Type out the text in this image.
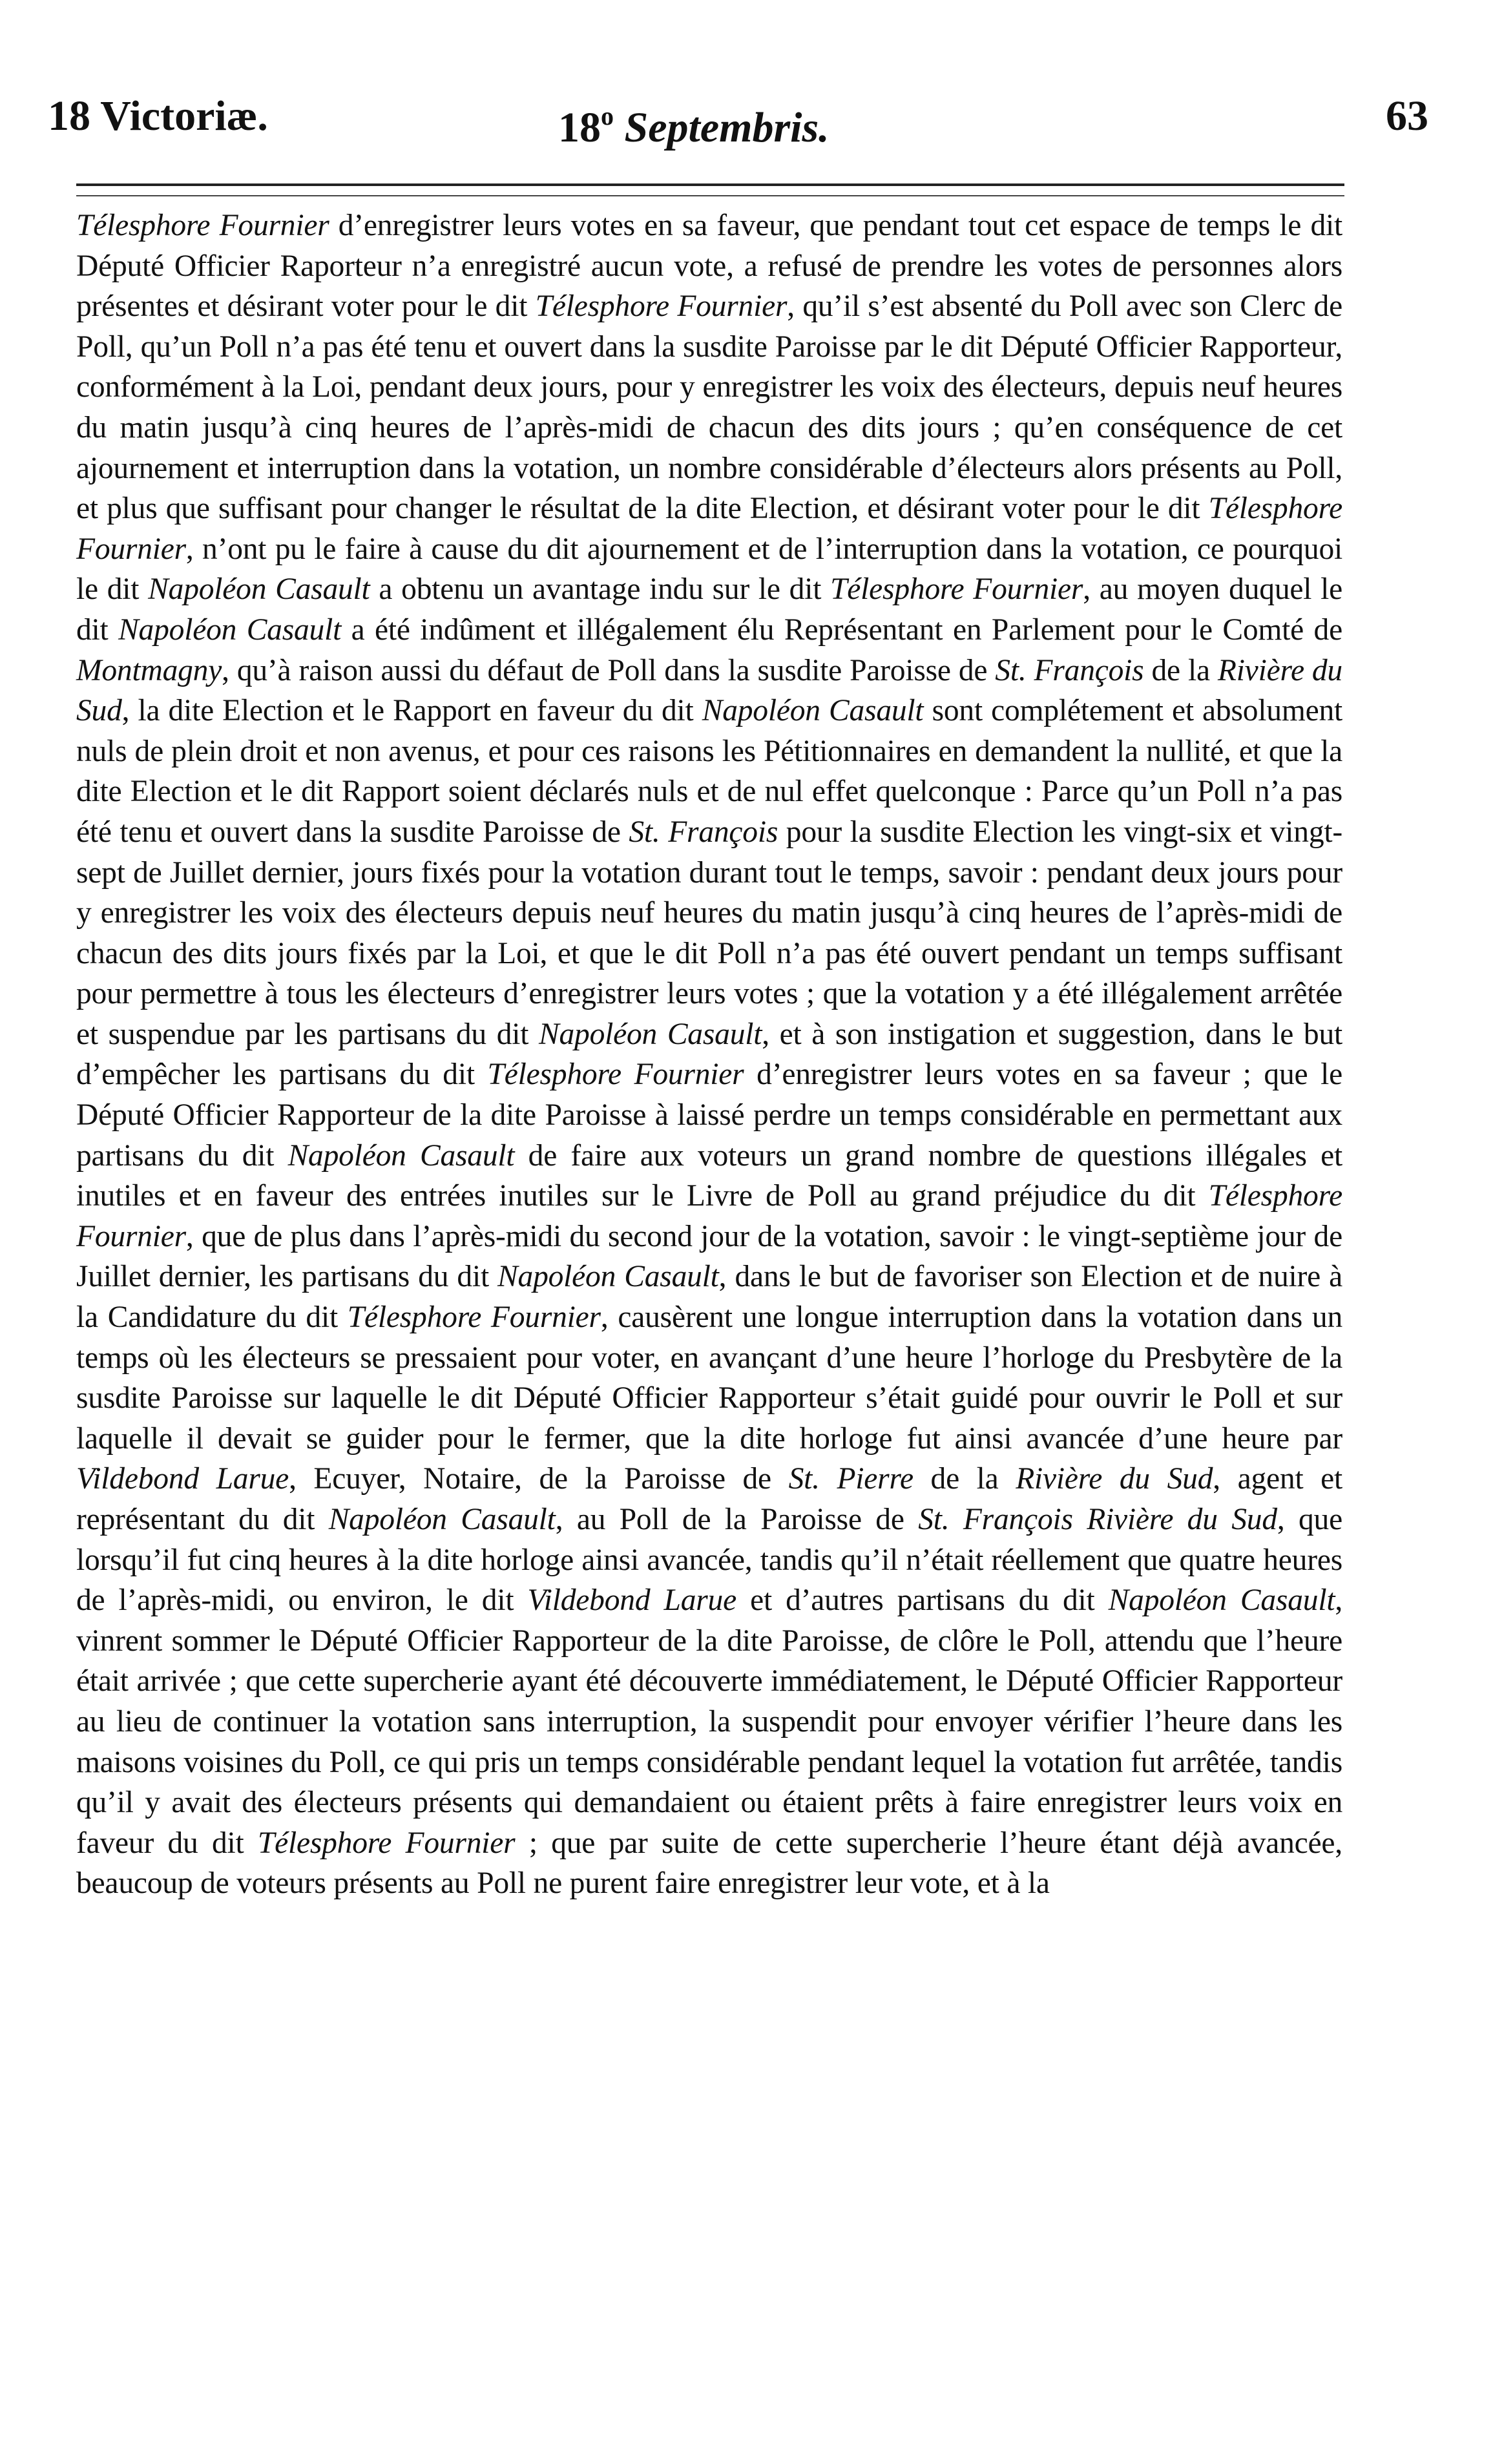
18 Victoriæ.	18$^o$ Septembris.	63
Télesphore Fournier d’enregistrer leurs votes en sa faveur, que pendant tout cet espace de temps le dit Député Officier Raporteur n’a enregistré aucun vote, a refusé de prendre les votes de personnes alors présentes et désirant voter pour le dit Télesphore Fournier, qu’il s’est absenté du Poll avec son Clerc de Poll, qu’un Poll n’a pas été tenu et ouvert dans la susdite Paroisse par le dit Député Officier Rapporteur, conformément à la Loi, pendant deux jours, pour y enregistrer les voix des électeurs, depuis neuf heures du matin jusqu’à cinq heures de l’après-midi de chacun des dits jours ; qu’en conséquence de cet ajournement et interruption dans la votation, un nombre considérable d’électeurs alors présents au Poll, et plus que suffisant pour changer le résultat de la dite Election, et désirant voter pour le dit Télesphore Fournier, n’ont pu le faire à cause du dit ajournement et de l’interruption dans la votation, ce pourquoi le dit Napoléon Casault a obtenu un avantage indu sur le dit Télesphore Fournier, au moyen duquel le dit Napoléon Casault a été indûment et illégalement élu Représentant en Parlement pour le Comté de Montmagny, qu’à raison aussi du défaut de Poll dans la susdite Paroisse de St. François de la Rivière du Sud, la dite Election et le Rapport en faveur du dit Napoléon Casault sont complétement et absolument nuls de plein droit et non avenus, et pour ces raisons les Pétitionnaires en demandent la nullité, et que la dite Election et le dit Rapport soient déclarés nuls et de nul effet quelconque : Parce qu’un Poll n’a pas été tenu et ouvert dans la susdite Paroisse de St. François pour la susdite Election les vingt-six et vingt-sept de Juillet dernier, jours fixés pour la votation durant tout le temps, savoir : pendant deux jours pour y enregistrer les voix des électeurs depuis neuf heures du matin jusqu’à cinq heures de l’après-midi de chacun des dits jours fixés par la Loi, et que le dit Poll n’a pas été ouvert pendant un temps suffisant pour permettre à tous les électeurs d’enregistrer leurs votes ; que la votation y a été illégalement arrêtée et suspendue par les partisans du dit Napoléon Casault, et à son instigation et suggestion, dans le but d’empêcher les partisans du dit Télesphore Fournier d’enregistrer leurs votes en sa faveur ; que le Député Officier Rapporteur de la dite Paroisse à laissé perdre un temps considérable en permettant aux partisans du dit Napoléon Casault de faire aux voteurs un grand nombre de questions illégales et inutiles et en faveur des entrées inutiles sur le Livre de Poll au grand préjudice du dit Télesphore Fournier, que de plus dans l’après-midi du second jour de la votation, savoir : le vingt-septième jour de Juillet dernier, les partisans du dit Napoléon Casault, dans le but de favoriser son Election et de nuire à la Candidature du dit Télesphore Fournier, causèrent une longue interruption dans la votation dans un temps où les électeurs se pressaient pour voter, en avançant d’une heure l’horloge du Presbytère de la susdite Paroisse sur laquelle le dit Député Officier Rapporteur s’était guidé pour ouvrir le Poll et sur laquelle il devait se guider pour le fermer, que la dite horloge fut ainsi avancée d’une heure par Vildebond Larue, Ecuyer, Notaire, de la Paroisse de St. Pierre de la Rivière du Sud, agent et représentant du dit Napoléon Casault, au Poll de la Paroisse de St. François Rivière du Sud, que lorsqu’il fut cinq heures à la dite horloge ainsi avancée, tandis qu’il n’était réellement que quatre heures de l’après-midi, ou environ, le dit Vildebond Larue et d’autres partisans du dit Napoléon Casault, vinrent sommer le Député Officier Rapporteur de la dite Paroisse, de clôre le Poll, attendu que l’heure était arrivée ; que cette supercherie ayant été découverte immédiatement, le Député Officier Rapporteur au lieu de continuer la votation sans interruption, la suspendit pour envoyer vérifier l’heure dans les maisons voisines du Poll, ce qui pris un temps considérable pendant lequel la votation fut arrêtée, tandis qu’il y avait des électeurs présents qui demandaient ou étaient prêts à faire enregistrer leurs voix en faveur du dit Télesphore Fournier ; que par suite de cette supercherie l’heure étant déjà avancée, beaucoup de voteurs présents au Poll ne purent faire enregistrer leur vote, et à la
